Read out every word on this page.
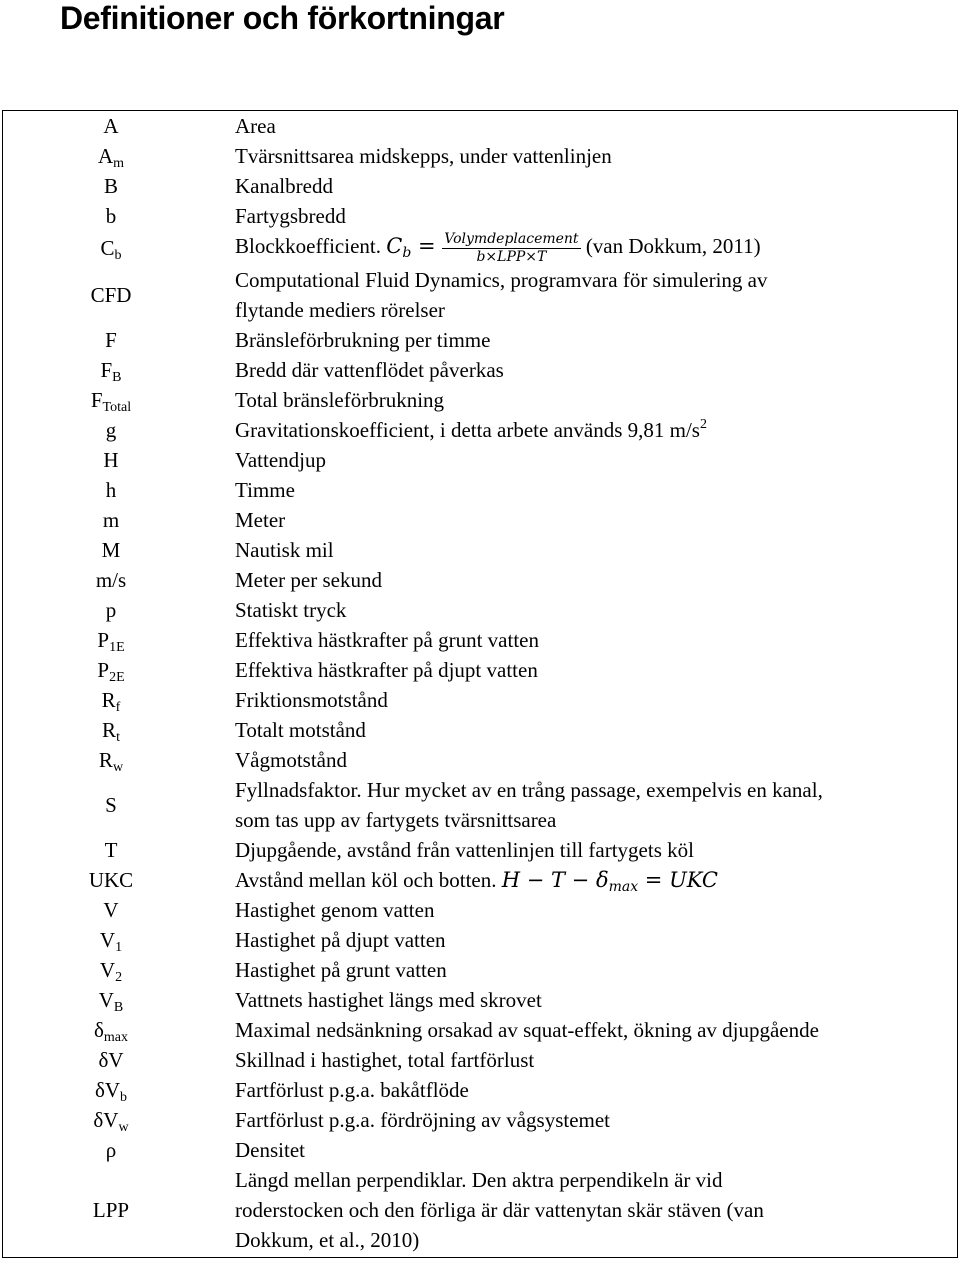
Definitioner och förkortningar
A	Area
$A_m$	Tvärsnittsarea midskepps, under vattenlinjen
B	Kanalbredd
b	Fartygsbredd
$C_b$	Blockkoefficient. $C_b = \frac{\text{Volymdeplacement}}{\text{b×LPP×T}} (van$ Dokkum, 2011)
CFD	Computational Fluid Dynamics, programvara för simulering av
flytande mediers rörelser
F	Bränsleförbrukning per timme
$F_B$	Bredd där vattenflödet påverkas
$F_{Total}$	Total bränsleförbrukning
g	Gravitationskoefficient, i detta arbete används 9,81 $m/s^2$
H	Vattendjup
h	Timme
m	Meter
M	Nautisk mil
m/s	Meter per sekund
p	Statiskt tryck
$P_{1E}$	Effektiva hästkrafter på grunt vatten
$P_{2E}$	Effektiva hästkrafter på djupt vatten
$R_f$	Friktionsmotstånd
$R_t$	Totalt motstånd
$R_w$	Vågmotstånd
S	Fyllnadsfaktor. Hur mycket av en trång passage, exempelvis en kanal,
som tas upp av fartygets tvärsnittsarea
T	Djupgående, avstånd från vattenlinjen till fartygets köl
UKC	Avstånd mellan köl och botten. $H - T - \delta_{max}$ = UKC
V	Hastighet genom vatten
$V_1$	Hastighet på djupt vatten
$V_2$	Hastighet på grunt vatten
$V_B$	Vattnets hastighet längs med skrovet
$\delta_{max}$	Maximal nedsänkning orsakad av squat-effekt, ökning av djupgående
δV	Skillnad i hastighet, total fartförlust
$\delta V_b$	Fartförlust p.g.a. bakåtflöde
$\delta V_w$	Fartförlust p.g.a. fördröjning av vågsystemet
ρ	Densitet
LPP	Längd mellan perpendiklar. Den aktra perpendikeln är vid
roderstocken och den förliga är där vattenytan skär stäven (van
Dokkum, et al., 2010)
